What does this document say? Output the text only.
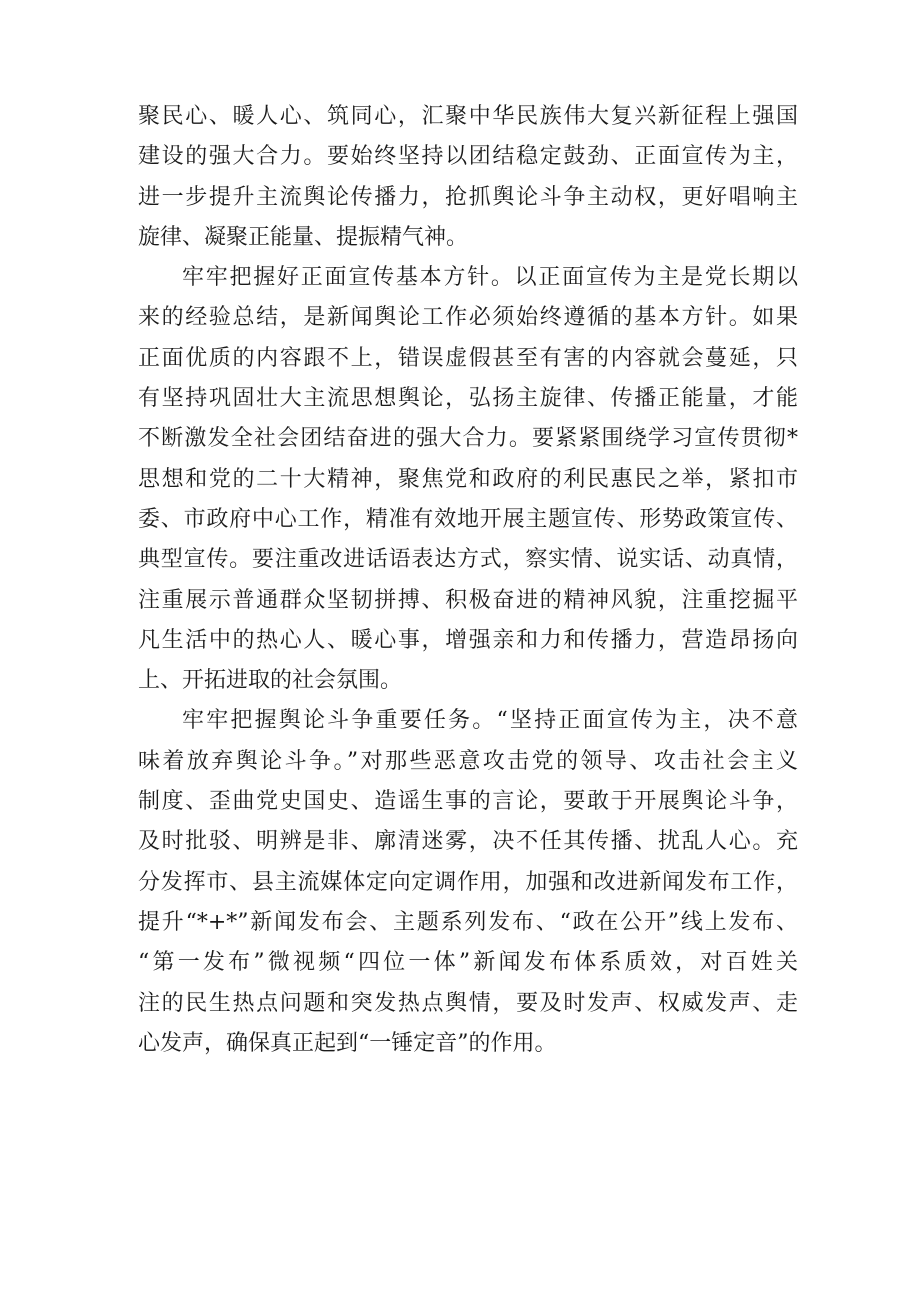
聚民心、暖人心、筑同心，汇聚中华民族伟大复兴新征程上强国
建设的强大合力。要始终坚持以团结稳定鼓劲、正面宣传为主，
进一步提升主流舆论传播力，抢抓舆论斗争主动权，更好唱响主
旋律、凝聚正能量、提振精气神。
牢牢把握好正面宣传基本方针。以正面宣传为主是党长期以
来的经验总结，是新闻舆论工作必须始终遵循的基本方针。如果
正面优质的内容跟不上，错误虚假甚至有害的内容就会蔓延，只
有坚持巩固壮大主流思想舆论，弘扬主旋律、传播正能量，才能
不断激发全社会团结奋进的强大合力。要紧紧围绕学习宣传贯彻*
思想和党的二十大精神，聚焦党和政府的利民惠民之举，紧扣市
委、市政府中心工作，精准有效地开展主题宣传、形势政策宣传、
典型宣传。要注重改进话语表达方式，察实情、说实话、动真情，
注重展示普通群众坚韧拼搏、积极奋进的精神风貌，注重挖掘平
凡生活中的热心人、暖心事，增强亲和力和传播力，营造昂扬向
上、开拓进取的社会氛围。
牢牢把握舆论斗争重要任务。“坚持正面宣传为主，决不意
味着放弃舆论斗争。”对那些恶意攻击党的领导、攻击社会主义
制度、歪曲党史国史、造谣生事的言论，要敢于开展舆论斗争，
及时批驳、明辨是非、廓清迷雾，决不任其传播、扰乱人心。充
分发挥市、县主流媒体定向定调作用，加强和改进新闻发布工作，
提升“*+*”新闻发布会、主题系列发布、“政在公开”线上发布、
“第一发布”微视频“四位一体”新闻发布体系质效，对百姓关
注的民生热点问题和突发热点舆情，要及时发声、权威发声、走
心发声，确保真正起到“一锤定音”的作用。
